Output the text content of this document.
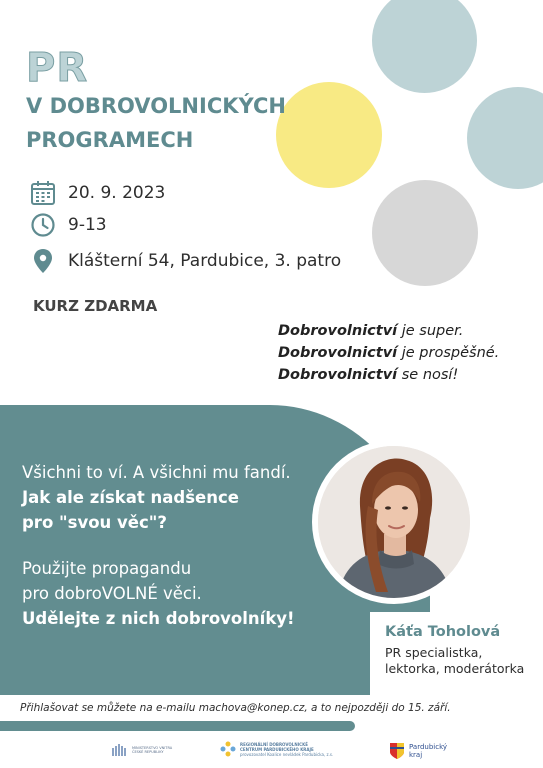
PR
V DOBROVOLNICKÝCH
PROGRAMECH
20. 9. 2023
9-13
Klášterní 54, Pardubice, 3. patro
KURZ ZDARMA
Dobrovolnictví je super.
Dobrovolnictví je prospěšné.
Dobrovolnictví se nosí!

Všichni to ví. A všichni mu fandí.

Jak ale získat nadšence

pro "svou věc"?

Použijte propagandu

pro dobroVOLNÉ věci.

Udělejte z nich dobrovolníky!

Káťa Toholová
PR specialistka,
lektorka, moderátorka
Přihlašovat se můžete na e-mailu machova@konep.cz, a to nejpozději do 15. září.
MINISTERSTVO VNITRA
ČESKÉ REPUBLIKY
REGIONÁLNÍ DOBROVOLNICKÉ
CENTRUM PARDUBICKÉHO KRAJE
provozovatel Koalice nevládek Pardubicka, z.s.
Pardubický
kraj
